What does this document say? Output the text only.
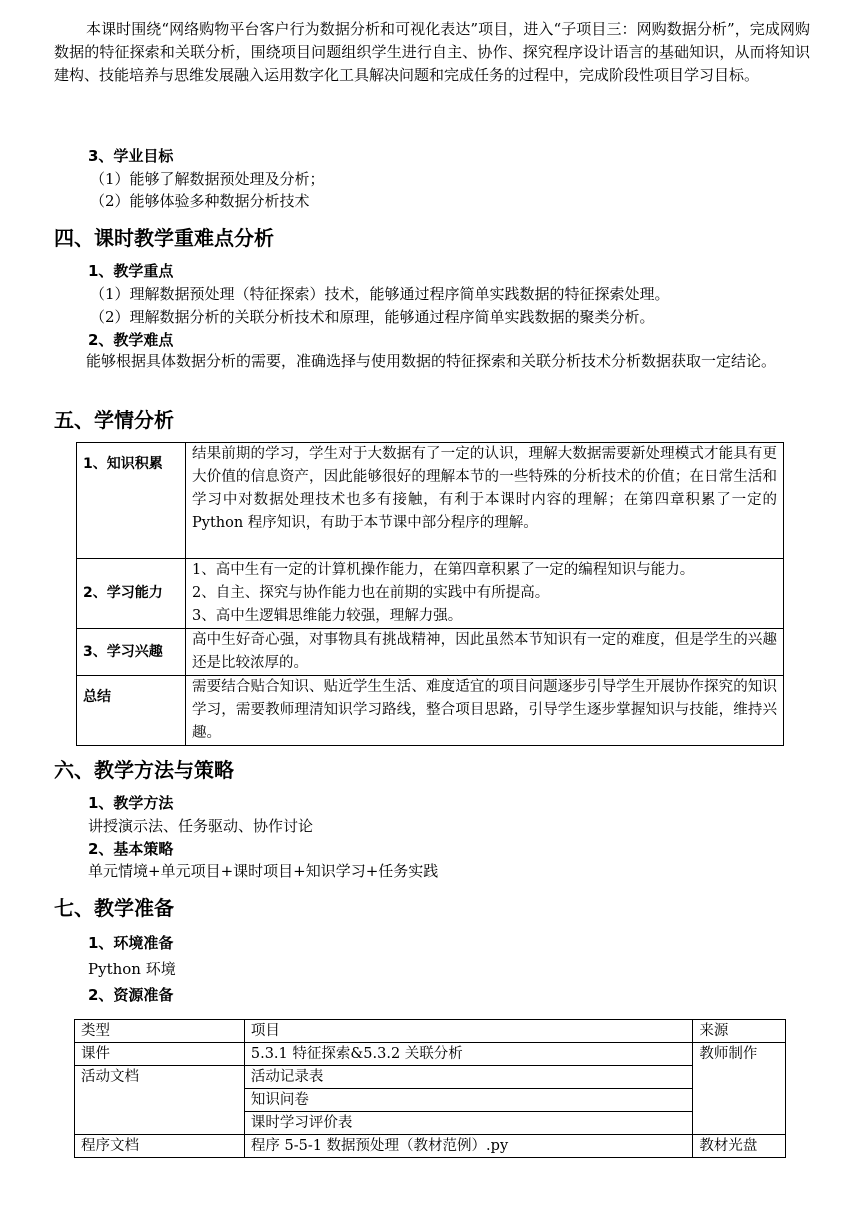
本课时围绕“网络购物平台客户行为数据分析和可视化表达”项目，进入“子项目三：网购数据分析”，完成网购数据的特征探索和关联分析，围绕项目问题组织学生进行自主、协作、探究程序设计语言的基础知识，从而将知识建构、技能培养与思维发展融入运用数字化工具解决问题和完成任务的过程中，完成阶段性项目学习目标。

3、学业目标
（1）能够了解数据预处理及分析；
（2）能够体验多种数据分析技术
四、课时教学重难点分析
1、教学重点
（1）理解数据预处理（特征探索）技术，能够通过程序简单实践数据的特征探索处理。
（2）理解数据分析的关联分析技术和原理，能够通过程序简单实践数据的聚类分析。
2、教学难点

能够根据具体数据分析的需要，准确选择与使用数据的特征探索和关联分析技术分析数据获取一定结论。

五、学情分析
1、知识积累	结果前期的学习，学生对于大数据有了一定的认识，理解大数据需要新处理模式才能具有更大价值的信息资产，因此能够很好的理解本节的一些特殊的分析技术的价值；在日常生活和学习中对数据处理技术也多有接触，有利于本课时内容的理解；在第四章积累了一定的 Python 程序知识，有助于本节课中部分程序的理解。
2、学习能力	1、高中生有一定的计算机操作能力，在第四章积累了一定的编程知识与能力。
2、自主、探究与协作能力也在前期的实践中有所提高。
3、高中生逻辑思维能力较强，理解力强。

3、学习兴趣	高中生好奇心强，对事物具有挑战精神，因此虽然本节知识有一定的难度，但是学生的兴趣还是比较浓厚的。
总结	需要结合贴合知识、贴近学生生活、难度适宜的项目问题逐步引导学生开展协作探究的知识学习，需要教师理清知识学习路线，整合项目思路，引导学生逐步掌握知识与技能，维持兴趣。
六、教学方法与策略
1、教学方法
讲授演示法、任务驱动、协作讨论
2、基本策略
单元情境+单元项目+课时项目+知识学习+任务实践
七、教学准备
1、环境准备
Python 环境
2、资源准备
类型	项目	来源
课件	5.3.1 特征探索&5.3.2 关联分析	教师制作
活动文档	活动记录表	
	知识问卷	
	课时学习评价表	
程序文档	程序 5-5-1 数据预处理（教材范例）.py	教材光盘
